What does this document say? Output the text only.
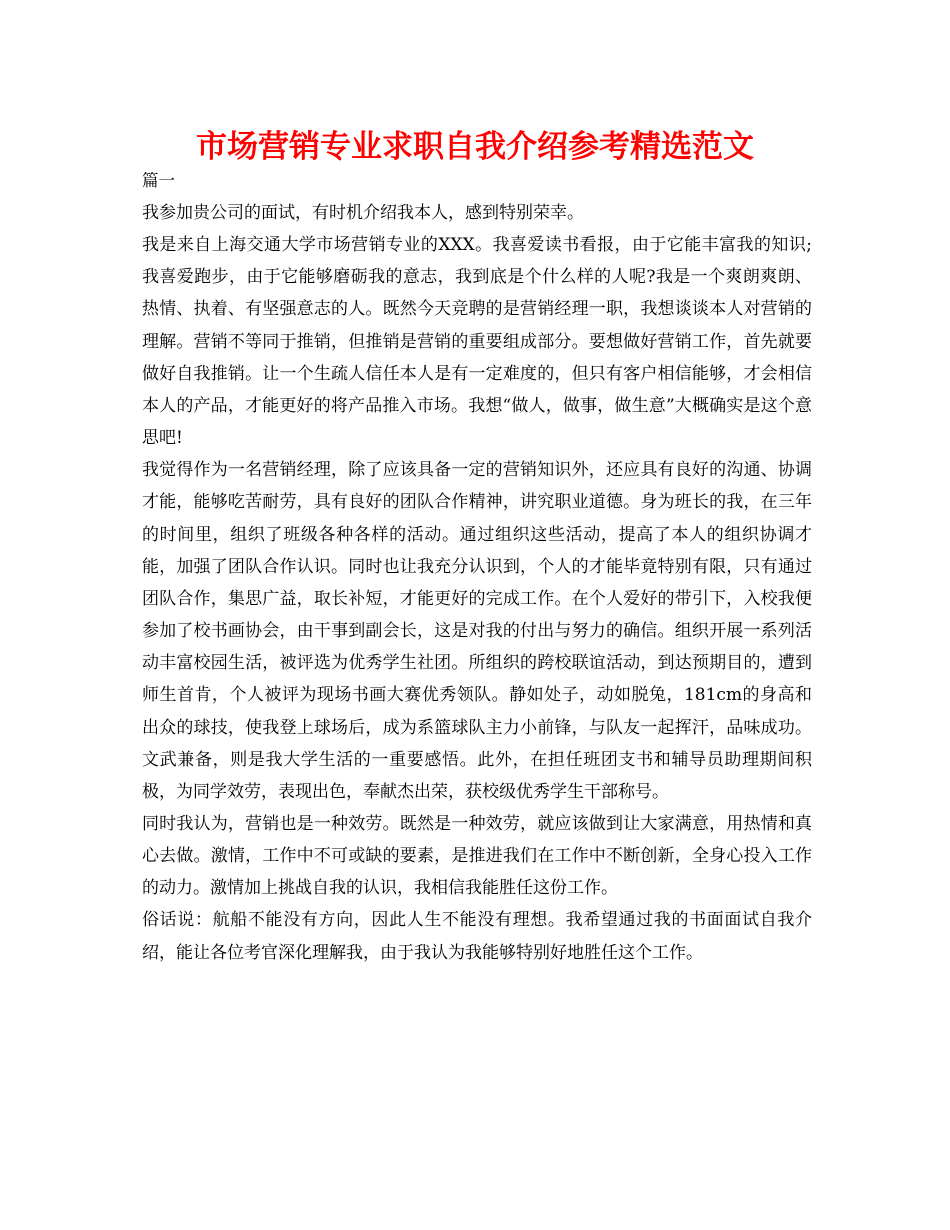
市场营销专业求职自我介绍参考精选范文
篇一

我参加贵公司的面试，有时机介绍我本人，感到特别荣幸。

我是来自上海交通大学市场营销专业的XXX。我喜爱读书看报，由于它能丰富我的知识;我喜爱跑步，由于它能够磨砺我的意志，我到底是个什么样的人呢?我是一个爽朗爽朗、热情、执着、有坚强意志的人。既然今天竞聘的是营销经理一职，我想谈谈本人对营销的理解。营销不等同于推销，但推销是营销的重要组成部分。要想做好营销工作，首先就要做好自我推销。让一个生疏人信任本人是有一定难度的，但只有客户相信能够，才会相信本人的产品，才能更好的将产品推入市场。我想“做人，做事，做生意”大概确实是这个意思吧!

我觉得作为一名营销经理，除了应该具备一定的营销知识外，还应具有良好的沟通、协调才能，能够吃苦耐劳，具有良好的团队合作精神，讲究职业道德。身为班长的我，在三年的时间里，组织了班级各种各样的活动。通过组织这些活动，提高了本人的组织协调才能，加强了团队合作认识。同时也让我充分认识到，个人的才能毕竟特别有限，只有通过团队合作，集思广益，取长补短，才能更好的完成工作。在个人爱好的带引下，入校我便参加了校书画协会，由干事到副会长，这是对我的付出与努力的确信。组织开展一系列活动丰富校园生活，被评选为优秀学生社团。所组织的跨校联谊活动，到达预期目的，遭到师生首肯，个人被评为现场书画大赛优秀领队。静如处子，动如脱兔，181cm的身高和出众的球技，使我登上球场后，成为系篮球队主力小前锋，与队友一起挥汗，品味成功。文武兼备，则是我大学生活的一重要感悟。此外，在担任班团支书和辅导员助理期间积极，为同学效劳，表现出色，奉献杰出荣，获校级优秀学生干部称号。

同时我认为，营销也是一种效劳。既然是一种效劳，就应该做到让大家满意，用热情和真心去做。激情，工作中不可或缺的要素，是推进我们在工作中不断创新，全身心投入工作的动力。激情加上挑战自我的认识，我相信我能胜任这份工作。

俗话说：航船不能没有方向，因此人生不能没有理想。我希望通过我的书面面试自我介绍，能让各位考官深化理解我，由于我认为我能够特别好地胜任这个工作。
